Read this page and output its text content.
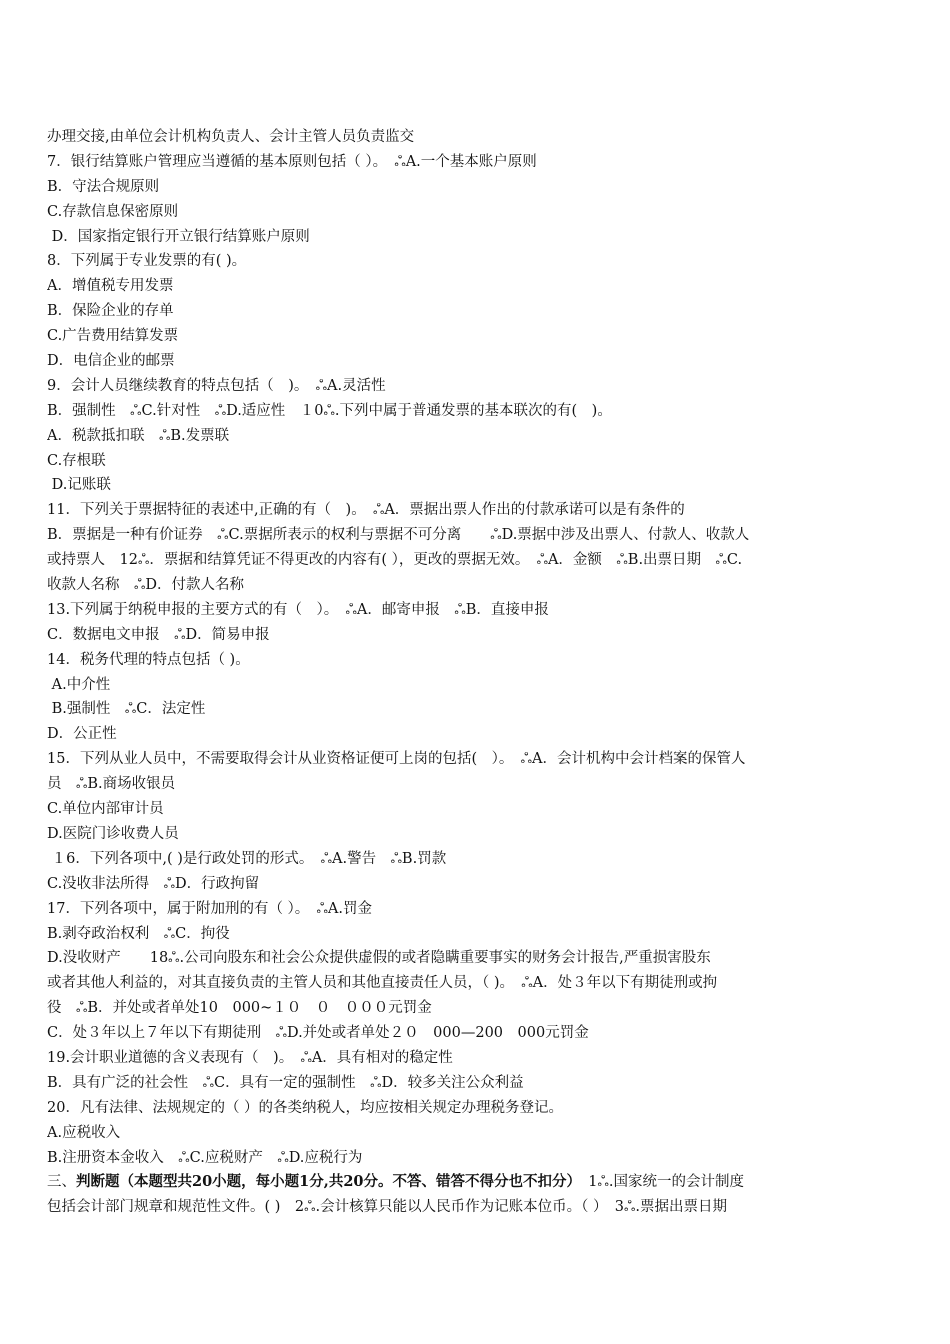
办理交接,由单位会计机构负责人、会计主管人员负责监交
7．银行结算账户管理应当遵循的基本原则包括（ ）。　ஃA.一个基本账户原则
B．守法合规原则
C.存款信息保密原则
D．国家指定银行开立银行结算账户原则
8．下列属于专业发票的有( )。
A．增值税专用发票
B．保险企业的存单
C.广告费用结算发票
D．电信企业的邮票
9．会计人员继续教育的特点包括（　)。　ஃA.灵活性
B．强制性　ஃC.针对性　ஃD.适应性　１0ஃ.下列中属于普通发票的基本联次的有(　)。
A．税款抵扣联　ஃB.发票联
C.存根联
D.记账联
11．下列关于票据特征的表述中,正确的有（　)。　ஃA．票据出票人作出的付款承诺可以是有条件的
B．票据是一种有价证券　ஃC.票据所表示的权利与票据不可分离　　ஃD.票据中涉及出票人、付款人、收款人
或持票人　12ஃ．票据和结算凭证不得更改的内容有( ），更改的票据无效。　ஃA．金额　ஃB.出票日期　ஃC.
收款人名称　ஃD．付款人名称
13.下列属于纳税申报的主要方式的有（　）。　ஃA．邮寄申报　ஃB．直接申报
C．数据电文申报　ஃD．简易申报
14．税务代理的特点包括（ )。
A.中介性
B.强制性　ஃC．法定性
D．公正性
15．下列从业人员中，不需要取得会计从业资格证便可上岗的包括(　）。　ஃA．会计机构中会计档案的保管人
员　ஃB.商场收银员
C.单位内部审计员
D.医院门诊收费人员
１6．下列各项中,( )是行政处罚的形式。　ஃA.警告　ஃB.罚款
C.没收非法所得　ஃD．行政拘留
17．下列各项中，属于附加刑的有（ ）。　ஃA.罚金
B.剥夺政治权利　ஃC．拘役
D.没收财产　　18ஃ.公司向股东和社会公众提供虚假的或者隐瞒重要事实的财务会计报告,严重损害股东
或者其他人利益的，对其直接负责的主管人员和其他直接责任人员，（ )。　ஃA．处３年以下有期徒刑或拘
役　ஃB．并处或者单处10　000~１０　０　０００元罚金
C．处３年以上７年以下有期徒刑　ஃD.并处或者单处２０　000—200　000元罚金
19.会计职业道德的含义表现有（　)。　ஃA．具有相对的稳定性
B．具有广泛的社会性　ஃC．具有一定的强制性　ஃD．较多关注公众利益
20．凡有法律、法规规定的（ ）的各类纳税人，均应按相关规定办理税务登记。
A.应税收入
B.注册资本金收入　ஃC.应税财产　ஃD.应税行为
三、判断题（本题型共20小题，每小题1分,共20分。不答、错答不得分也不扣分）　1ஃ.国家统一的会计制度
包括会计部门规章和规范性文件。( )　2ஃ.会计核算只能以人民币作为记账本位币。（ ）　3ஃ.票据出票日期
